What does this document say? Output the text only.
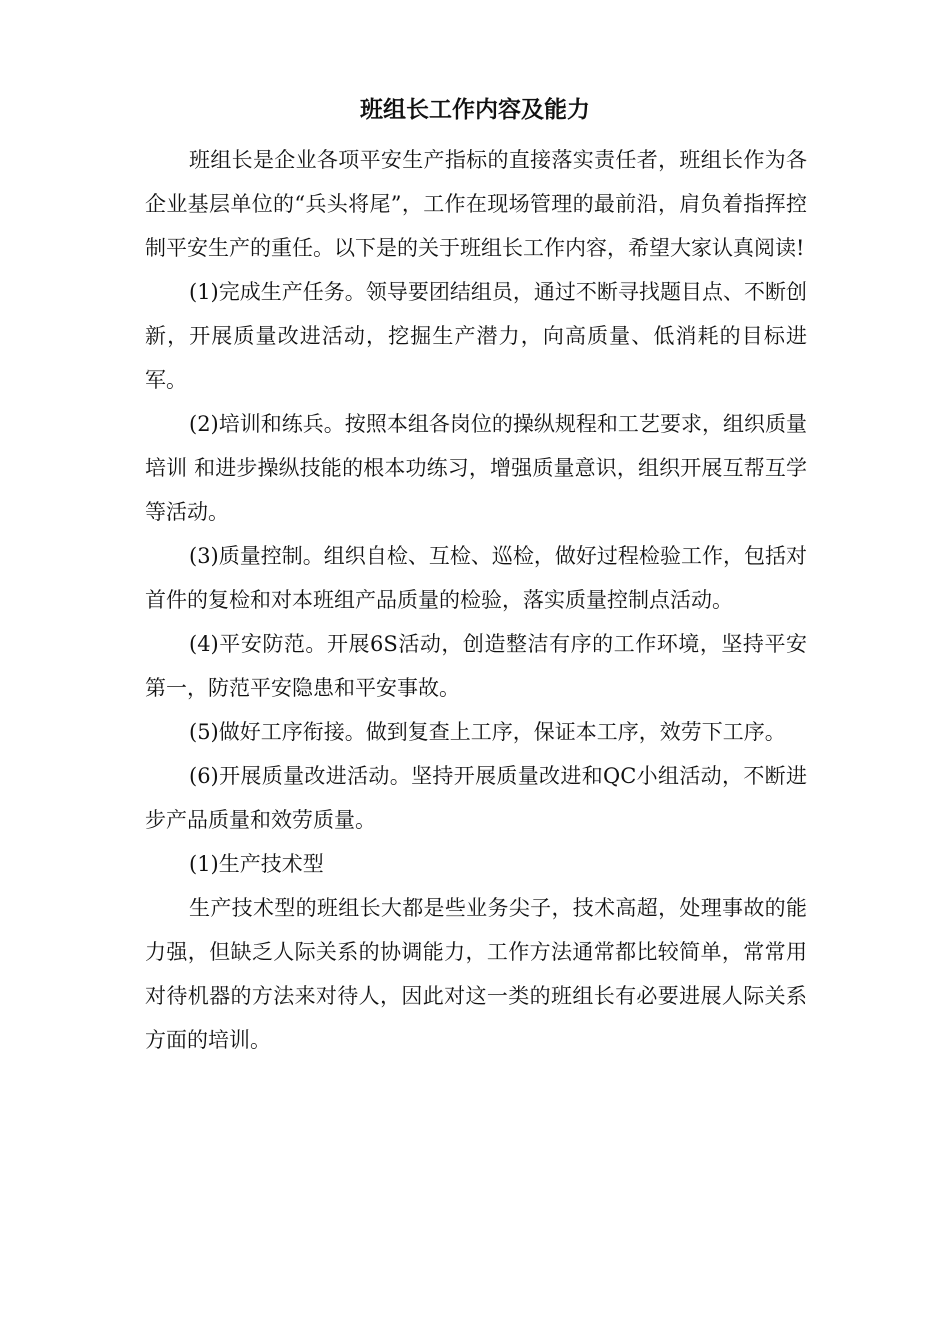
班组长工作内容及能力

班组长是企业各项平安生产指标的直接落实责任者，班组长作为各企业基层单位的“兵头将尾”，工作在现场管理的最前沿，肩负着指挥控制平安生产的重任。以下是的关于班组长工作内容，希望大家认真阅读!

(1)完成生产任务。领导要团结组员，通过不断寻找题目点、不断创新，开展质量改进活动，挖掘生产潜力，向高质量、低消耗的目标进军。

(2)培训和练兵。按照本组各岗位的操纵规程和工艺要求，组织质量培训 和进步操纵技能的根本功练习，增强质量意识，组织开展互帮互学等活动。

(3)质量控制。组织自检、互检、巡检，做好过程检验工作，包括对首件的复检和对本班组产品质量的检验，落实质量控制点活动。

(4)平安防范。开展6S活动，创造整洁有序的工作环境，坚持平安第一，防范平安隐患和平安事故。

(5)做好工序衔接。做到复查上工序，保证本工序，效劳下工序。

(6)开展质量改进活动。坚持开展质量改进和QC小组活动，不断进步产品质量和效劳质量。

(1)生产技术型

生产技术型的班组长大都是些业务尖子，技术高超，处理事故的能力强，但缺乏人际关系的协调能力，工作方法通常都比较简单，常常用对待机器的方法来对待人，因此对这一类的班组长有必要进展人际关系方面的培训。
